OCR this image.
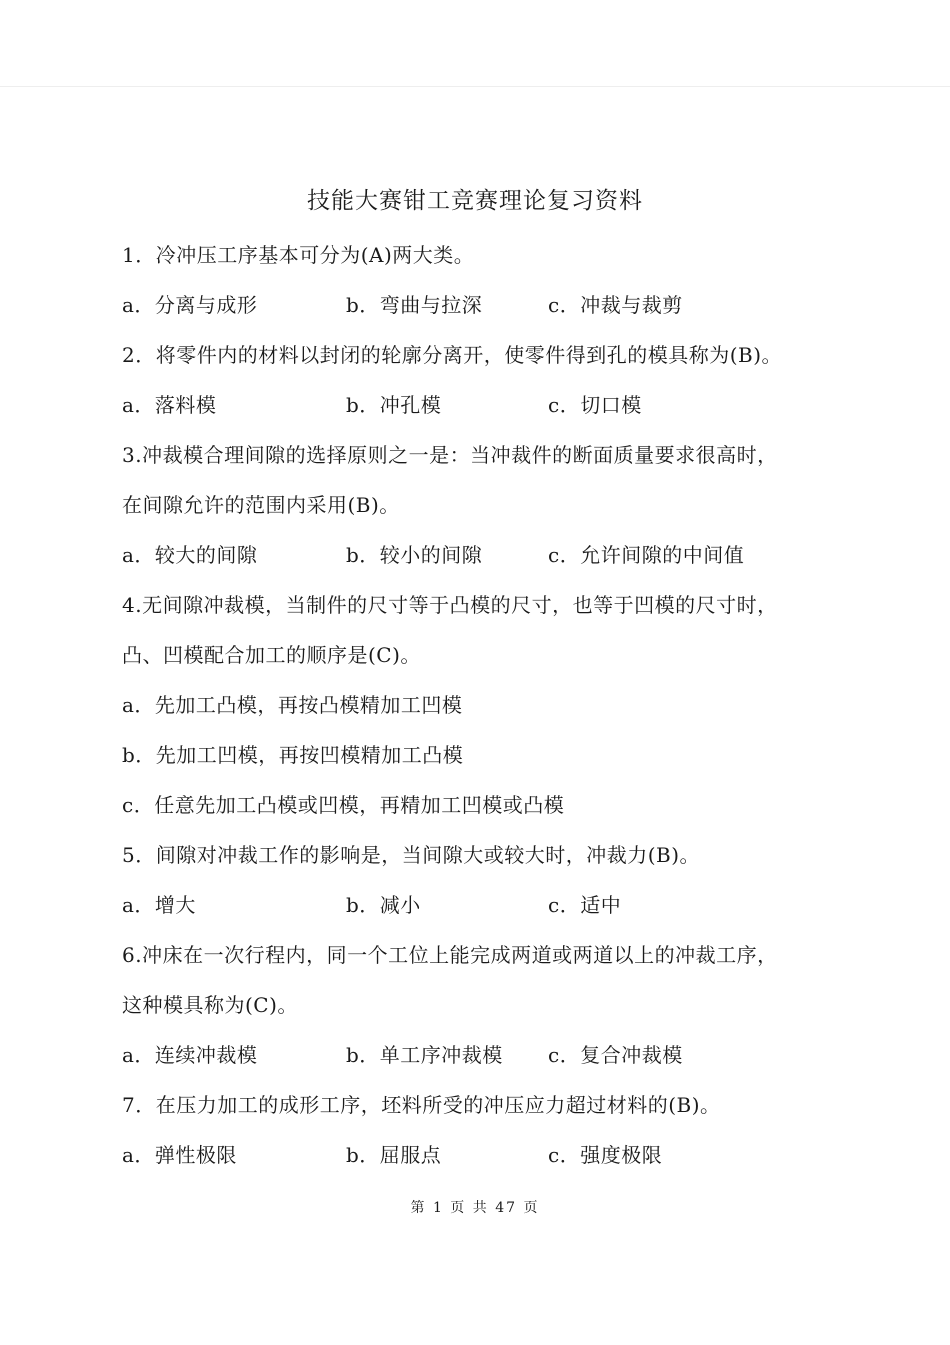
技能大赛钳工竞赛理论复习资料
1．冷冲压工序基本可分为(A)两大类。
a．分离与成形	b．弯曲与拉深	c．冲裁与裁剪
2．将零件内的材料以封闭的轮廓分离开，使零件得到孔的模具称为(B)。
a．落料模	b．冲孔模	c．切口模
3.冲裁模合理间隙的选择原则之一是：当冲裁件的断面质量要求很高时，
在间隙允许的范围内采用(B)。
a．较大的间隙	b．较小的间隙	c．允许间隙的中间值
4.无间隙冲裁模，当制件的尺寸等于凸模的尺寸，也等于凹模的尺寸时，
凸、凹模配合加工的顺序是(C)。
a．先加工凸模，再按凸模精加工凹模
b．先加工凹模，再按凹模精加工凸模
c．任意先加工凸模或凹模，再精加工凹模或凸模
5．间隙对冲裁工作的影响是，当间隙大或较大时，冲裁力(B)。
a．增大	b．减小	c．适中
6.冲床在一次行程内，同一个工位上能完成两道或两道以上的冲裁工序，
这种模具称为(C)。
a．连续冲裁模	b．单工序冲裁模 c．复合冲裁模
7．在压力加工的成形工序，坯料所受的冲压应力超过材料的(B)。
a．弹性极限	b．屈服点	c．强度极限
第 1 页 共 47 页
